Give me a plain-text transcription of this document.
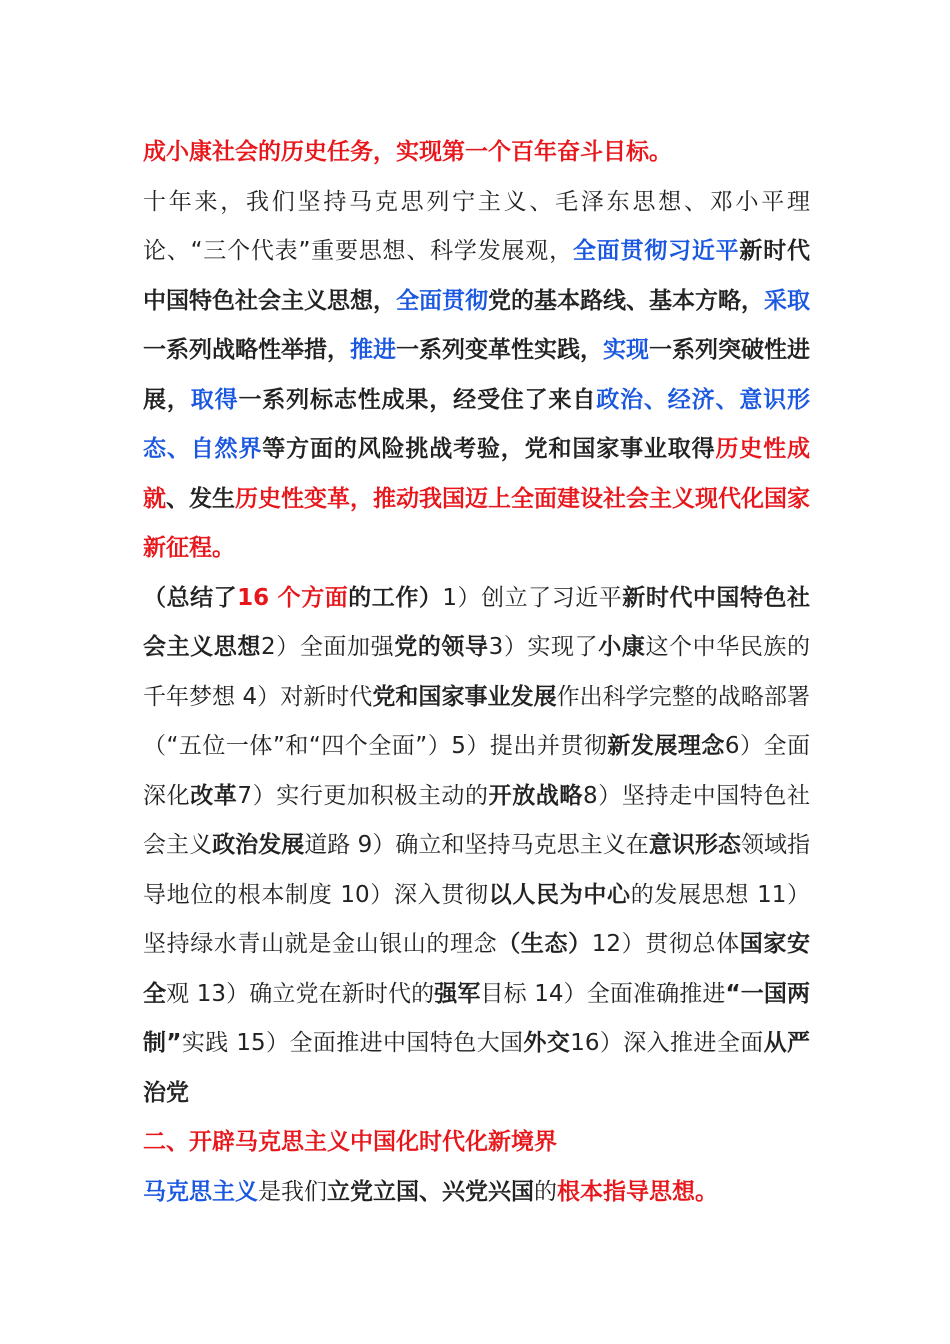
成小康社会的历史任务，实现第一个百年奋斗目标。

十年来，我们坚持马克思列宁主义、毛泽东思想、邓小平理论、“三个代表”重要思想、科学发展观，全面贯彻习近平新时代中国特色社会主义思想，全面贯彻党的基本路线、基本方略，采取一系列战略性举措，推进一系列变革性实践，实现一系列突破性进展，取得一系列标志性成果，经受住了来自政治、经济、意识形态、自然界等方面的风险挑战考验，党和国家事业取得历史性成就、发生历史性变革，推动我国迈上全面建设社会主义现代化国家新征程。

（总结了16 个方面的工作）1）创立了习近平新时代中国特色社会主义思想2）全面加强党的领导3）实现了小康这个中华民族的千年梦想 4）对新时代党和国家事业发展作出科学完整的战略部署（“五位一体”和“四个全面”）5）提出并贯彻新发展理念6）全面深化改革7）实行更加积极主动的开放战略8）坚持走中国特色社会主义政治发展道路 9）确立和坚持马克思主义在意识形态领域指导地位的根本制度 10）深入贯彻以人民为中心的发展思想 11）坚持绿水青山就是金山银山的理念（生态）12）贯彻总体国家安全观 13）确立党在新时代的强军目标 14）全面准确推进“一国两制”实践 15）全面推进中国特色大国外交16）深入推进全面从严治党

二、开辟马克思主义中国化时代化新境界

马克思主义是我们立党立国、兴党兴国的根本指导思想。
